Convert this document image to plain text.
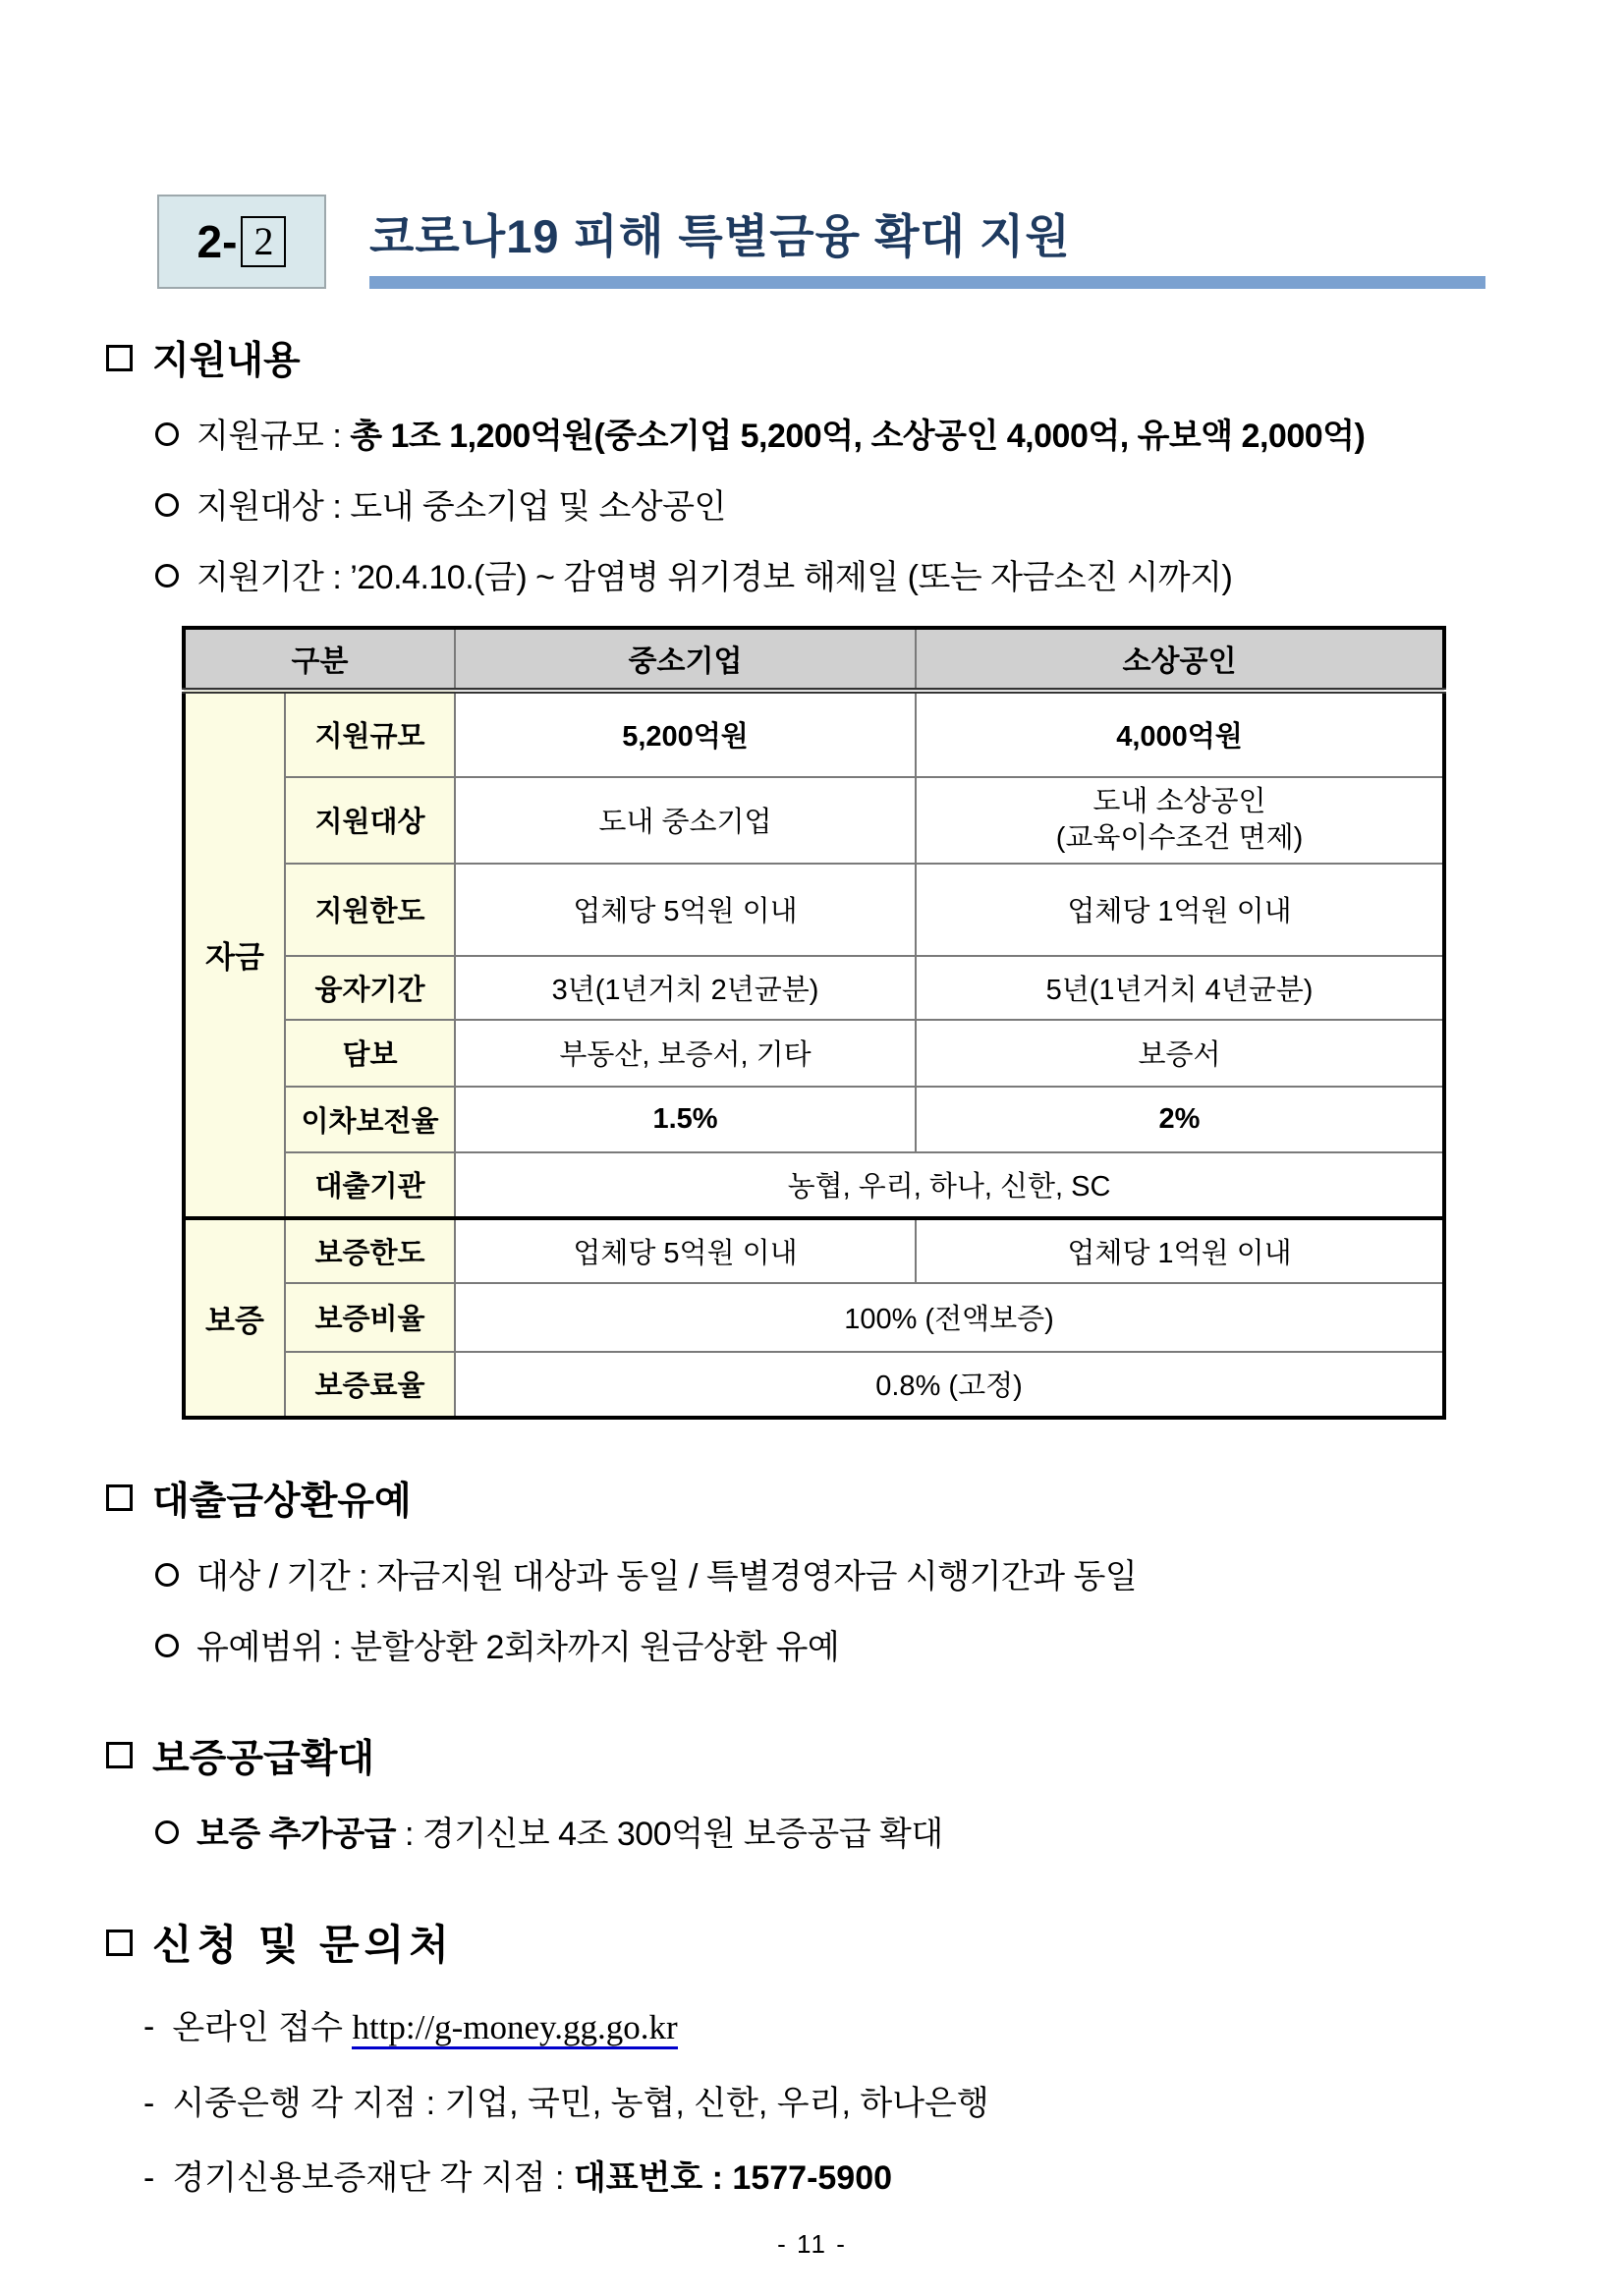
2- 2 코로나19 피해 특별금융 확대 지원
지원내용
지원규모 : 총 1조 1,200억원(중소기업 5,200억, 소상공인 4,000억, 유보액 2,000억)
지원대상 : 도내 중소기업 및 소상공인
지원기간 : ’20.4.10.(금) ~ 감염병 위기경보 해제일 (또는 자금소진 시까지)
구분		중소기업	소상공인
자금	지원규모	5,200억원	4,000억원
	지원대상	도내 중소기업	도내 소상공인
(교육이수조건 면제)

	지원한도	업체당 5억원 이내	업체당 1억원 이내
	융자기간	3년(1년거치 2년균분)	5년(1년거치 4년균분)
	담보	부동산, 보증서, 기타	보증서
	이차보전율	1.5%	2%
	대출기관	농협, 우리, 하나, 신한, SC	
보증	보증한도	업체당 5억원 이내	업체당 1억원 이내
	보증비율	100% (전액보증)	
	보증료율	0.8% (고정)	
대출금상환유예
대상 / 기간 : 자금지원 대상과 동일 / 특별경영자금 시행기간과 동일
유예범위 : 분할상환 2회차까지 원금상환 유예
보증공급확대
보증 추가공급 : 경기신보 4조 300억원 보증공급 확대
신청 및 문의처
- 온라인 접수 http://g-money.gg.go.kr
- 시중은행 각 지점 : 기업, 국민, 농협, 신한, 우리, 하나은행
- 경기신용보증재단 각 지점 : 대표번호 : 1577-5900
- 11 -
